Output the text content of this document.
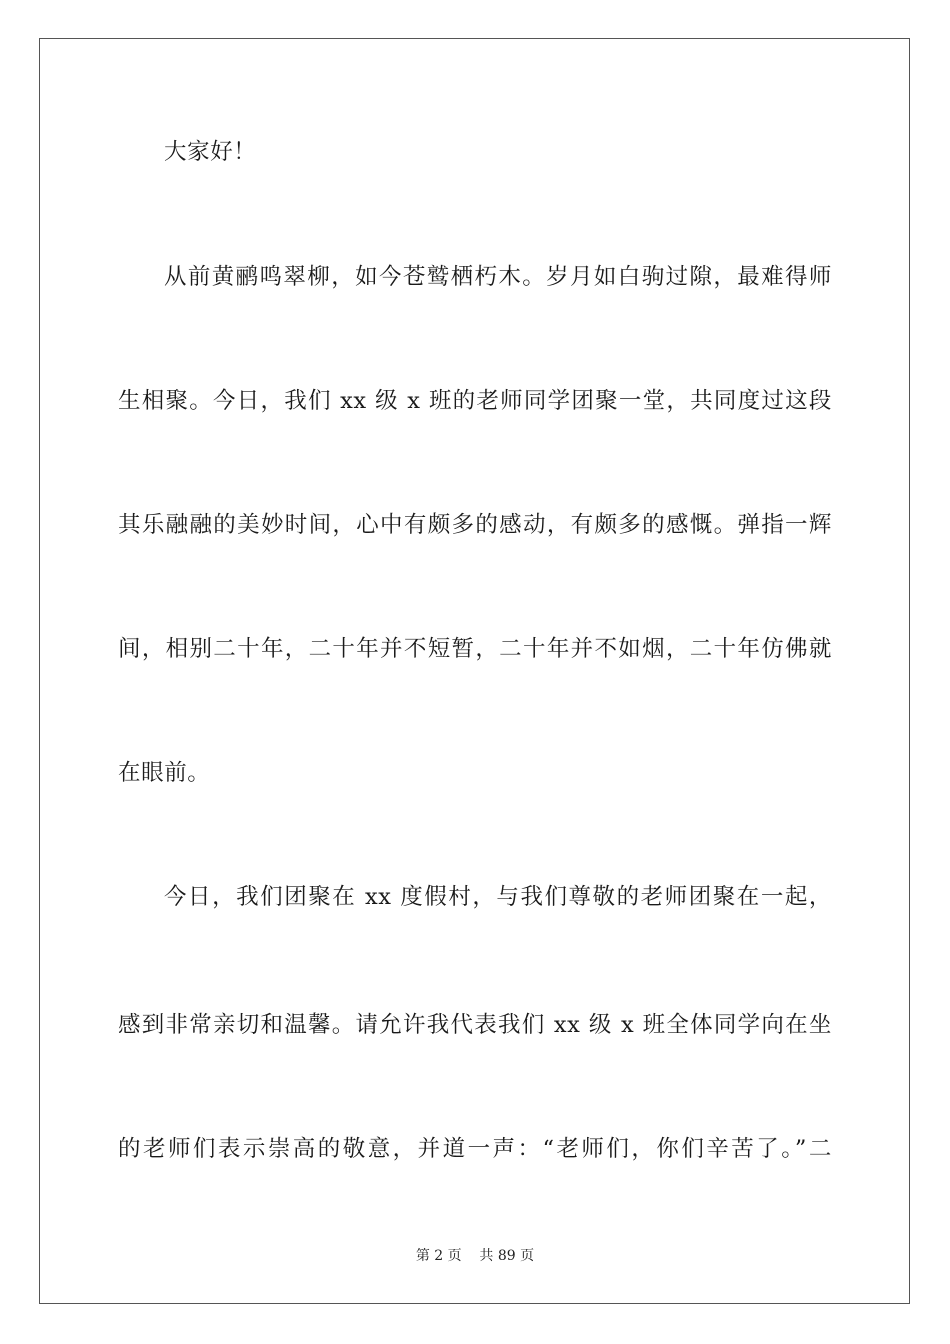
大家好！
从前黄鹂鸣翠柳，如今苍鹫栖朽木。岁月如白驹过隙，最难得师
生相聚。今日，我们 xx 级 x 班的老师同学团聚一堂，共同度过这段
其乐融融的美妙时间，心中有颇多的感动，有颇多的感慨。弹指一辉
间，相别二十年，二十年并不短暂，二十年并不如烟，二十年仿佛就
在眼前。
今日，我们团聚在 xx 度假村，与我们尊敬的老师团聚在一起，
感到非常亲切和温馨。请允许我代表我们 xx 级 x 班全体同学向在坐
的老师们表示崇高的敬意，并道一声：“老师们，你们辛苦了。”二
第 2 页    共 89 页
